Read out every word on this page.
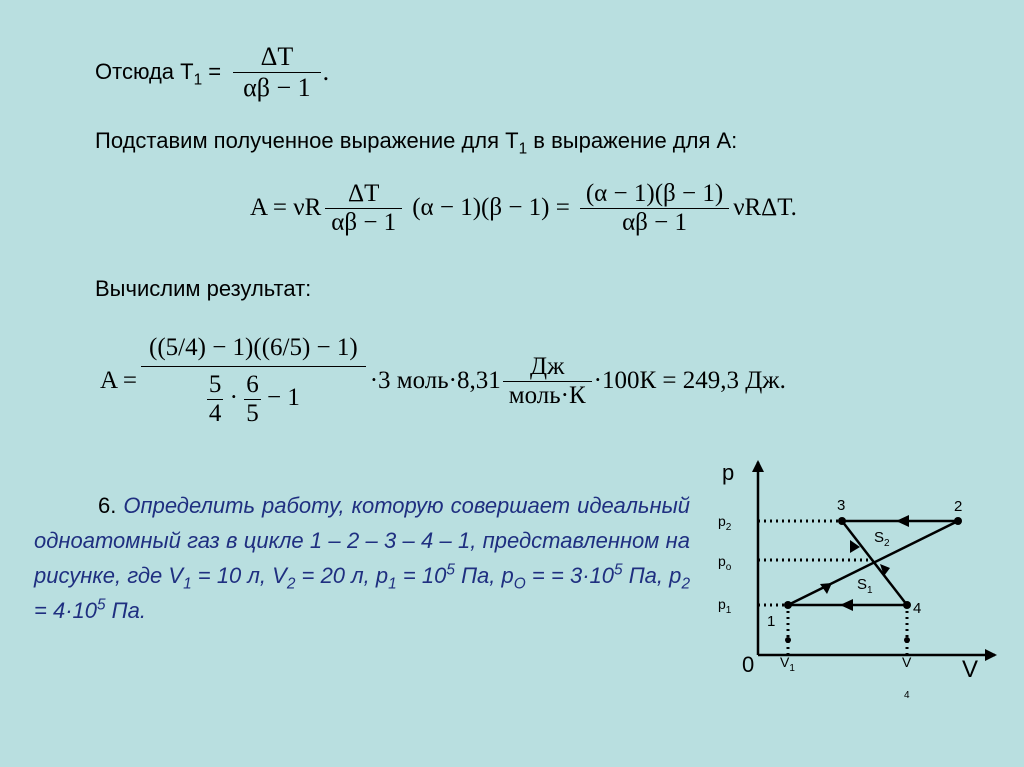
Отсюда $T_1 = \frac{\Delta T}{\alpha\beta - 1}$ .
Подставим полученное выражение для $T_1$ в выражение для А:
A = νR $\frac{\Delta T}{\alpha\beta - 1} (\alpha - 1)(\beta - 1) = \frac{(\alpha - 1)(\beta - 1)}{\alpha\beta - 1} \nu R\Delta T$.
Вычислим результат:
A =
((5/4) − 1)((6/5) − 1)
$\frac{5}{4} \cdot \frac{6}{5} - 1$
·3 моль·8,31 $\frac{Дж}{\text{моль·К}} \cdot 100К = 249,3$ Дж.
6. Определить работу, которую совершает идеальный одноатомный газ в цикле 1 – 2 – 3 – 4 – 1, представленном на рисунке, где $V_1 = 10$ л, $V_2 = 20$ л, $p_1 = 10^5$ Па, $p_O$ = = $3\cdot 10^5$ Па, $p_2 = 4\cdot 10^5$ Па.
p
V
0
$p_2$
$p_o$
$p_1$
$V_1$	V
4
1
2
3
4
$S_2$
$S_1$
